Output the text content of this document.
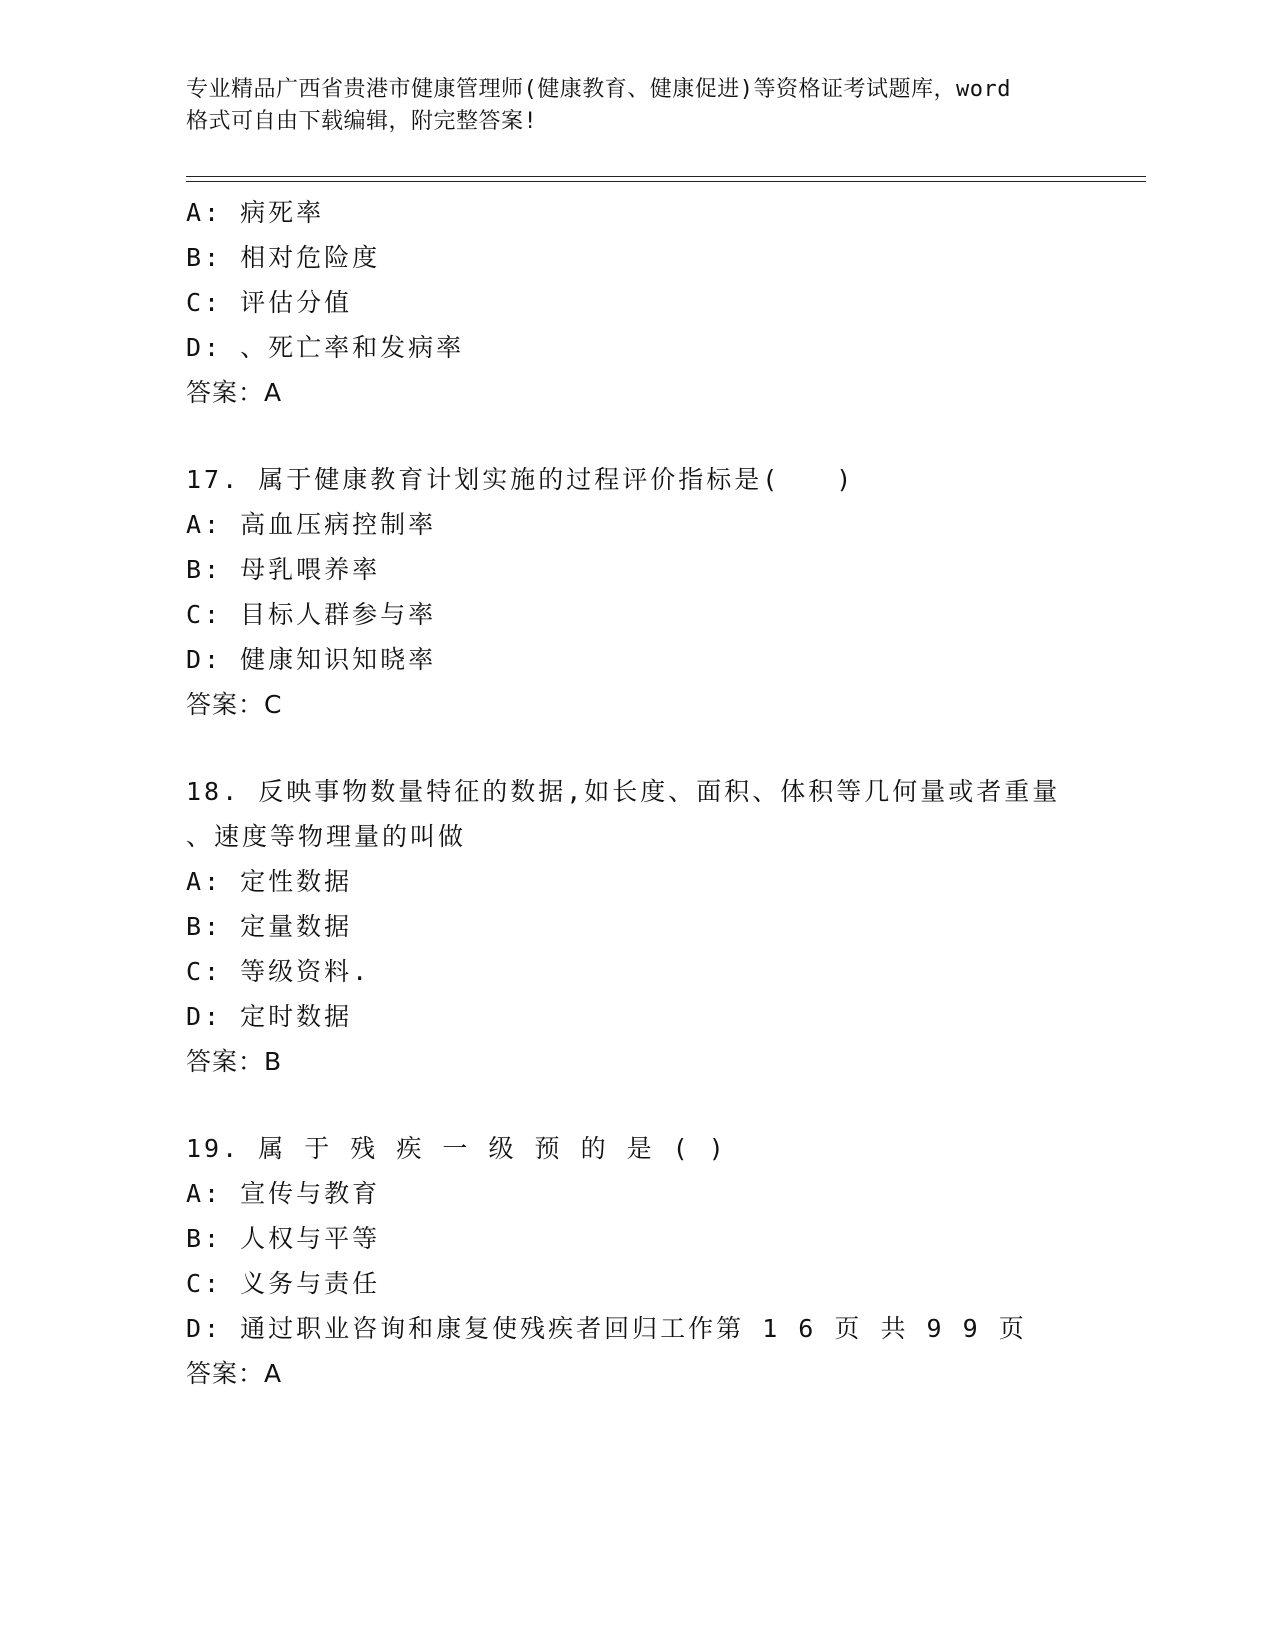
专业精品广西省贵港市健康管理师(健康教育、健康促进)等资格证考试题库，word
格式可自由下载编辑，附完整答案!
A: 病死率
B: 相对危险度
C: 评估分值
D: 、死亡率和发病率
答案：A
17. 属于健康教育计划实施的过程评价指标是(　　)
A: 高血压病控制率
B: 母乳喂养率
C: 目标人群参与率
D: 健康知识知晓率
答案：C
18. 反映事物数量特征的数据,如长度、面积、体积等几何量或者重量
、速度等物理量的叫做
A: 定性数据
B: 定量数据
C: 等级资料.
D: 定时数据
答案：B
19. 属 于 残 疾 一 级 预 的 是 ( )
A: 宣传与教育
B: 人权与平等
C: 义务与责任
D: 通过职业咨询和康复使残疾者回归工作第 1 6 页 共 9 9 页
答案：A
